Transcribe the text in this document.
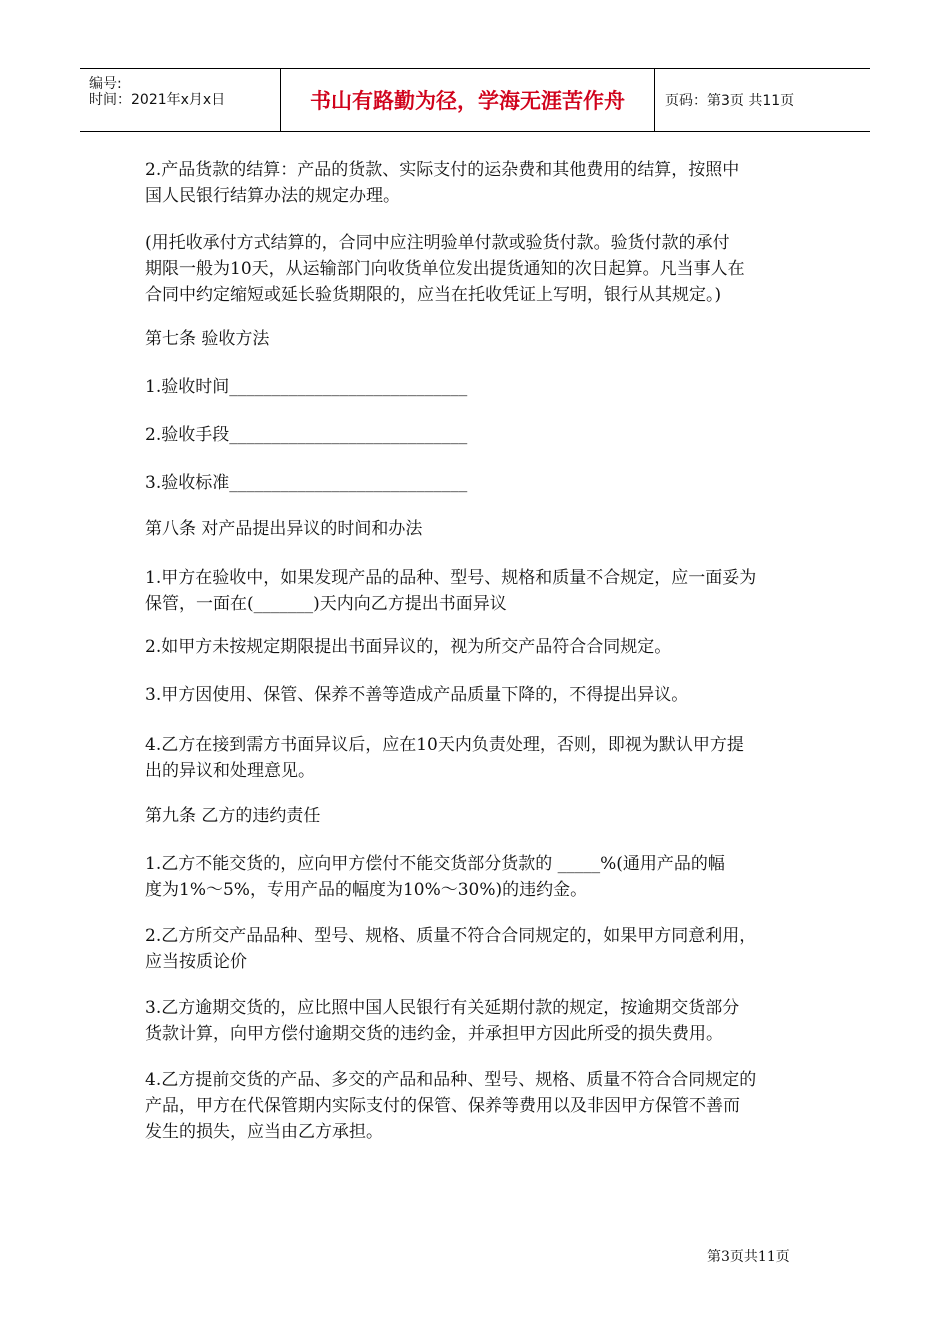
编号:
时间：2021年x月x日	书山有路勤为径，学海无涯苦作舟	页码：第3页 共11页
2.产品货款的结算：产品的货款、实际支付的运杂费和其他费用的结算，按照中
国人民银行结算办法的规定办理。
(用托收承付方式结算的，合同中应注明验单付款或验货付款。验货付款的承付
期限一般为10天，从运输部门向收货单位发出提货通知的次日起算。凡当事人在
合同中约定缩短或延长验货期限的，应当在托收凭证上写明，银行从其规定。)
第七条 验收方法
1.验收时间____________________________
2.验收手段____________________________
3.验收标准____________________________
第八条 对产品提出异议的时间和办法
1.甲方在验收中，如果发现产品的品种、型号、规格和质量不合规定，应一面妥为
保管，一面在(_______)天内向乙方提出书面异议
2.如甲方未按规定期限提出书面异议的，视为所交产品符合合同规定。
3.甲方因使用、保管、保养不善等造成产品质量下降的，不得提出异议。
4.乙方在接到需方书面异议后，应在10天内负责处理，否则，即视为默认甲方提
出的异议和处理意见。
第九条 乙方的违约责任
1.乙方不能交货的，应向甲方偿付不能交货部分货款的 _____%(通用产品的幅
度为1%～5%，专用产品的幅度为10%～30%)的违约金。
2.乙方所交产品品种、型号、规格、质量不符合合同规定的，如果甲方同意利用，
应当按质论价
3.乙方逾期交货的，应比照中国人民银行有关延期付款的规定，按逾期交货部分
货款计算，向甲方偿付逾期交货的违约金，并承担甲方因此所受的损失费用。
4.乙方提前交货的产品、多交的产品和品种、型号、规格、质量不符合合同规定的
产品，甲方在代保管期内实际支付的保管、保养等费用以及非因甲方保管不善而
发生的损失，应当由乙方承担。
第3页共11页
